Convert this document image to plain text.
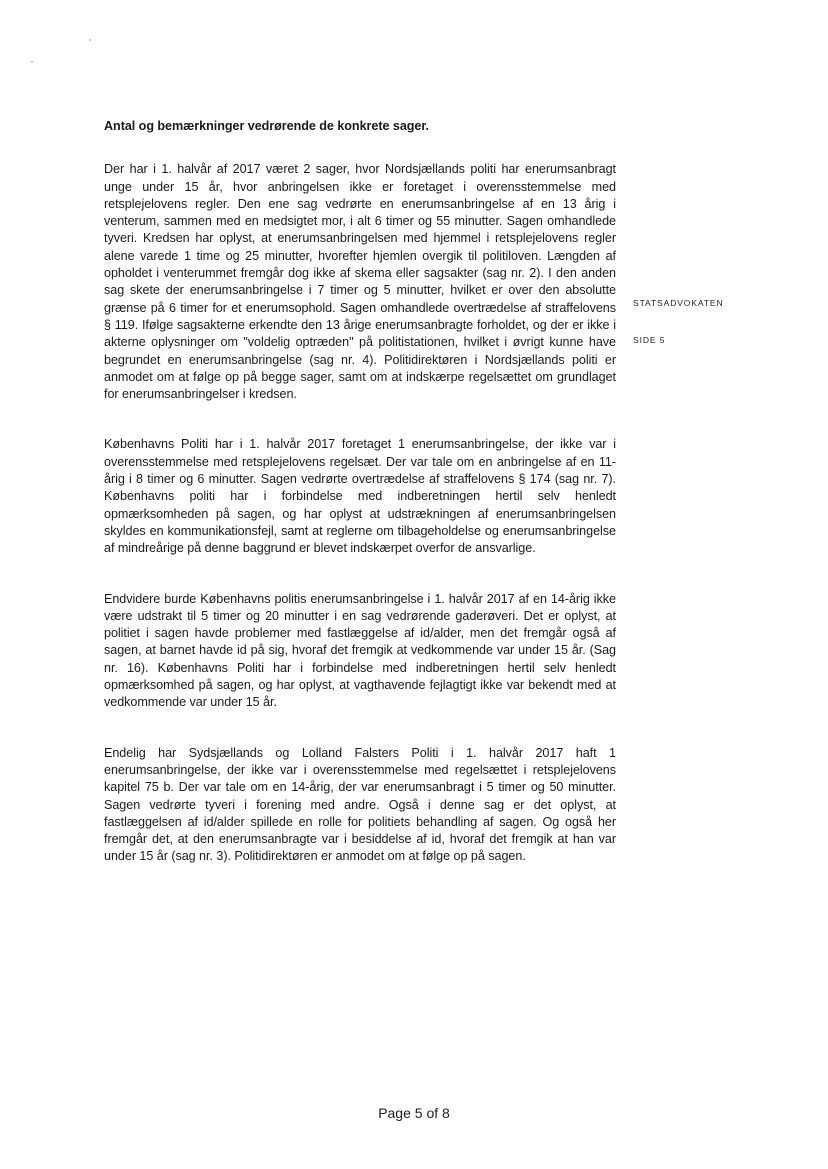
Antal og bemærkninger vedrørende de konkrete sager.

Der har i 1. halvår af 2017 været 2 sager, hvor Nordsjællands politi har enerumsanbragt unge under 15 år, hvor anbringelsen ikke er foretaget i overensstemmelse med retsplejelovens regler. Den ene sag vedrørte en enerumsanbringelse af en 13 årig i venterum, sammen med en medsigtet mor, i alt 6 timer og 55 minutter. Sagen omhandlede tyveri. Kredsen har oplyst, at enerumsanbringelsen med hjemmel i retsplejelovens regler alene varede 1 time og 25 minutter, hvorefter hjemlen overgik til politiloven. Længden af opholdet i venterummet fremgår dog ikke af skema eller sagsakter (sag nr. 2). I den anden sag skete der enerumsanbringelse i 7 timer og 5 minutter, hvilket er over den absolutte grænse på 6 timer for et enerumsophold. Sagen omhandlede overtrædelse af straffelovens § 119. Ifølge sagsakterne erkendte den 13 årige enerumsanbragte forholdet, og der er ikke i akterne oplysninger om "voldelig optræden" på politistationen, hvilket i øvrigt kunne have begrundet en enerumsanbringelse (sag nr. 4). Politidirektøren i Nordsjællands politi er anmodet om at følge op på begge sager, samt om at indskærpe regelsættet om grundlaget for enerumsanbringelser i kredsen.

Københavns Politi har i 1. halvår 2017 foretaget 1 enerumsanbringelse, der ikke var i overensstemmelse med retsplejelovens regelsæt. Der var tale om en anbringelse af en 11-årig i 8 timer og 6 minutter. Sagen vedrørte overtrædelse af straffelovens § 174 (sag nr. 7). Københavns politi har i forbindelse med indberetningen hertil selv henledt opmærksomheden på sagen, og har oplyst at udstrækningen af enerumsanbringelsen skyldes en kommunikationsfejl, samt at reglerne om tilbageholdelse og enerumsanbringelse af mindreårige på denne baggrund er blevet indskærpet overfor de ansvarlige.

Endvidere burde Københavns politis enerumsanbringelse i 1. halvår 2017 af en 14-årig ikke være udstrakt til 5 timer og 20 minutter i en sag vedrørende gaderøveri. Det er oplyst, at politiet i sagen havde problemer med fastlæggelse af id/alder, men det fremgår også af sagen, at barnet havde id på sig, hvoraf det fremgik at vedkommende var under 15 år. (Sag nr. 16). Københavns Politi har i forbindelse med indberetningen hertil selv henledt opmærksomhed på sagen, og har oplyst, at vagthavende fejlagtigt ikke var bekendt med at vedkommende var under 15 år.

Endelig har Sydsjællands og Lolland Falsters Politi i 1. halvår 2017 haft 1 enerumsanbringelse, der ikke var i overensstemmelse med regelsættet i retsplejelovens kapitel 75 b. Der var tale om en 14-årig, der var enerumsanbragt i 5 timer og 50 minutter. Sagen vedrørte tyveri i forening med andre. Også i denne sag er det oplyst, at fastlæggelsen af id/alder spillede en rolle for politiets behandling af sagen. Og også her fremgår det, at den enerumsanbragte var i besiddelse af id, hvoraf det fremgik at han var under 15 år (sag nr. 3). Politidirektøren er anmodet om at følge op på sagen.

STATSADVOKATEN
SIDE 5
Page 5 of 8
